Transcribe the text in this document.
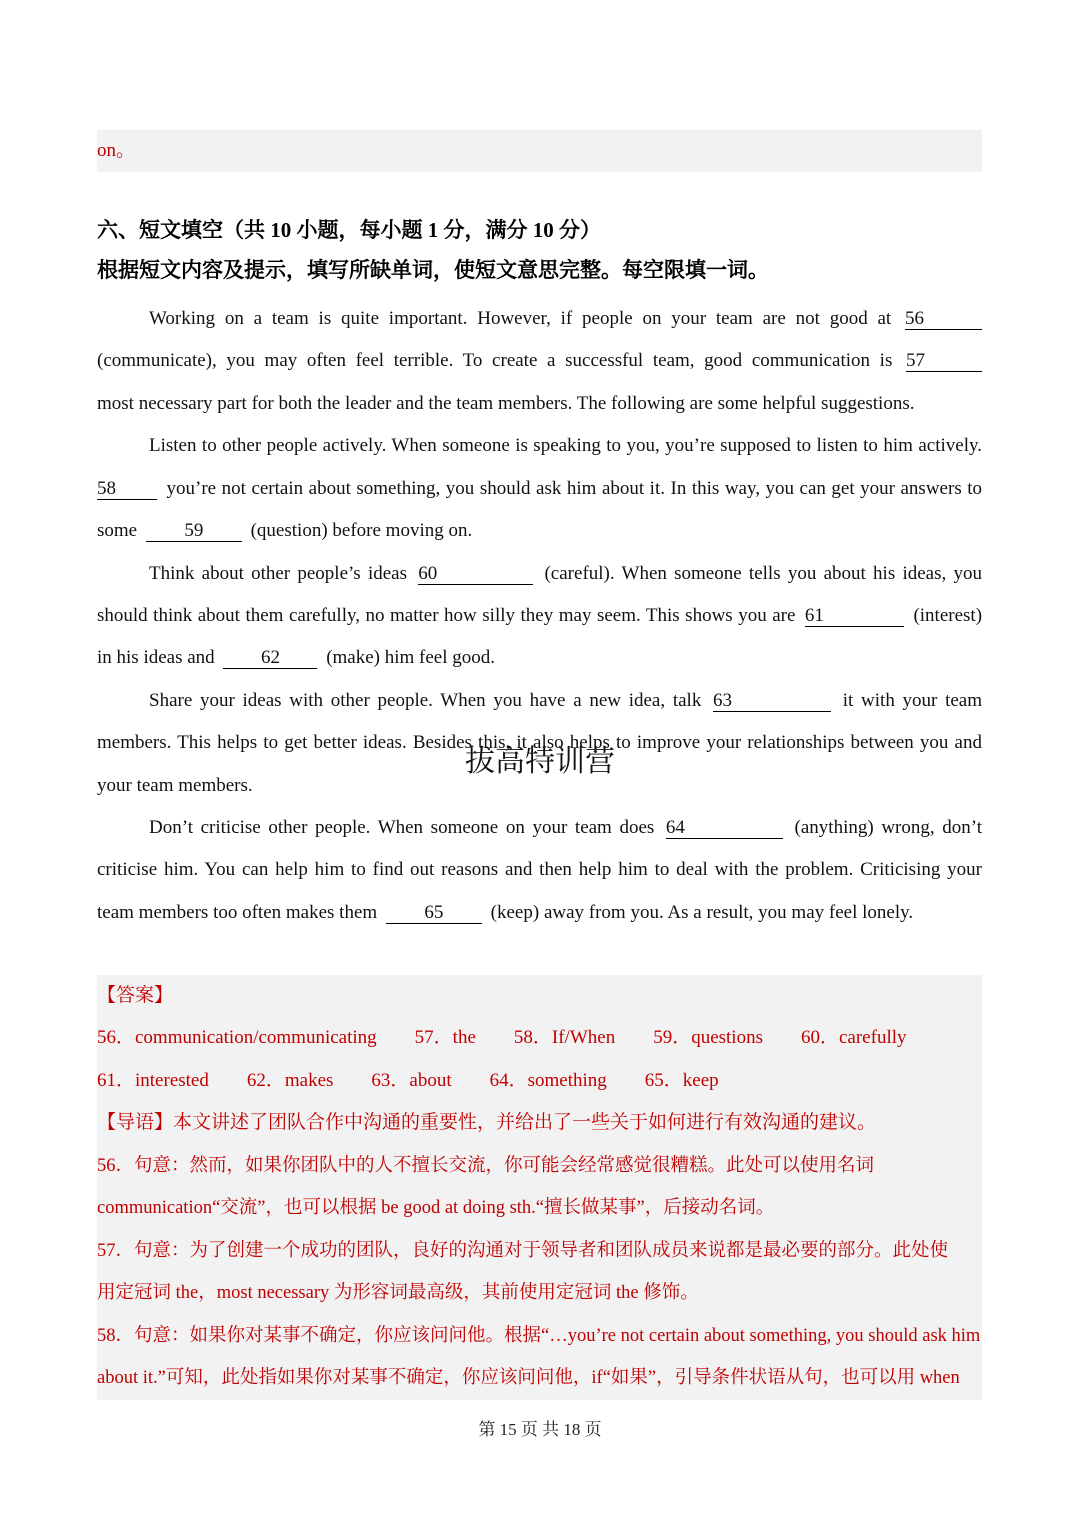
on。
六、短文填空（共 10 小题，每小题 1 分，满分 10 分）
根据短文内容及提示，填写所缺单词，使短文意思完整。每空限填一词。
Working on a team is quite important. However, if people on your team are not good at 56
(communicate), you may often feel terrible. To create a successful team, good communication is 57
most necessary part for both the leader and the team members. The following are some helpful suggestions.
Listen to other people actively. When someone is speaking to you, you’re supposed to listen to him actively.
58	you’re not certain about something, you should ask him about it. In this way, you can get your answers to
some 59 (question) before moving on.
Think about other people’s ideas 60	(careful). When someone tells you about his ideas, you
should think about them carefully, no matter how silly they may seem. This shows you are 61	(interest)
in his ideas and 62 (make) him feel good.
Share your ideas with other people. When you have a new idea, talk 63	it with your team
members. This helps to get better ideas. Besides this, it also helps to improve your relationships between you and
your team members.
Don’t criticise other people. When someone on your team does 64	(anything) wrong, don’t
criticise him. You can help him to find out reasons and then help him to deal with the problem. Criticising your
team members too often makes them 65 (keep) away from you. As a result, you may feel lonely.
拔高特训营
【答案】
56．communication/communicating 57．the 58．If/When 59．questions 60．carefully
61．interested 62．makes 63．about 64．something 65．keep
【导语】本文讲述了团队合作中沟通的重要性，并给出了一些关于如何进行有效沟通的建议。
56．句意：然而，如果你团队中的人不擅长交流，你可能会经常感觉很糟糕。此处可以使用名词
communication“交流”，也可以根据 be good at doing sth.“擅长做某事”，后接动名词。
57．句意：为了创建一个成功的团队，良好的沟通对于领导者和团队成员来说都是最必要的部分。此处使
用定冠词 the，most necessary 为形容词最高级，其前使用定冠词 the 修饰。
58．句意：如果你对某事不确定，你应该问问他。根据“…you’re not certain about something, you should ask him
about it.”可知，此处指如果你对某事不确定，你应该问问他，if“如果”，引导条件状语从句，也可以用 when
第 15 页 共 18 页
